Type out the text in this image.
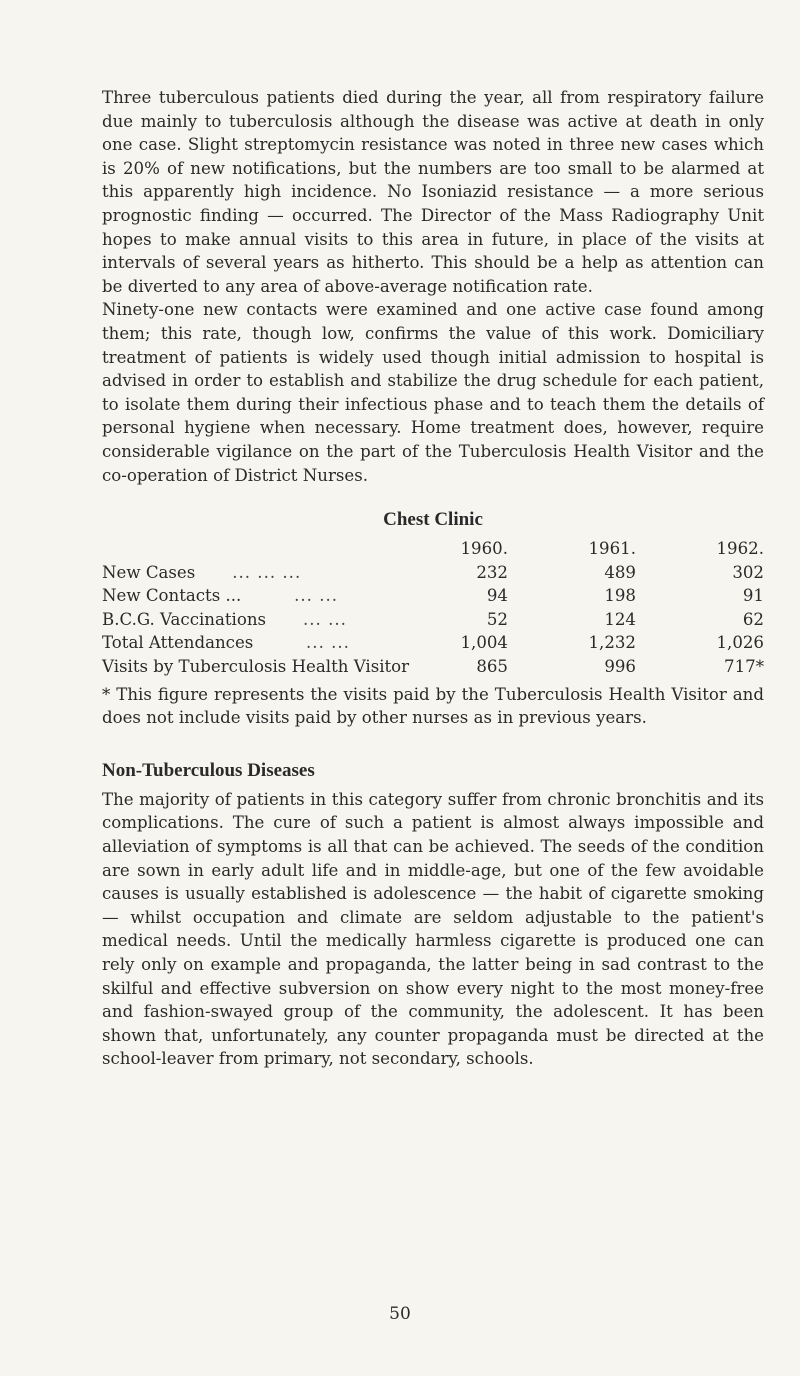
Three tuberculous patients died during the year, all from respiratory failure due mainly to tuberculosis although the disease was active at death in only one case. Slight streptomycin resistance was noted in three new cases which is 20% of new notifications, but the numbers are too small to be alarmed at this apparently high incidence. No Isoniazid resistance — a more serious prognostic finding — occurred. The Director of the Mass Radiography Unit hopes to make annual visits to this area in future, in place of the visits at intervals of several years as hitherto. This should be a help as attention can be diverted to any area of above-average notification rate.

Ninety-one new contacts were examined and one active case found among them; this rate, though low, confirms the value of this work. Domiciliary treatment of patients is widely used though initial admission to hospital is advised in order to establish and stabilize the drug schedule for each patient, to isolate them during their infectious phase and to teach them the details of personal hygiene when necessary. Home treatment does, however, require considerable vigilance on the part of the Tuberculosis Health Visitor and the co-operation of District Nurses.

Chest Clinic
	1960.	1961.	1962.
New Cases ... ... ...	232	489	302
New Contacts ... ... ...	94	198	91
B.C.G. Vaccinations ... ...	52	124	62
Total Attendances ... ...	1,004	1,232	1,026
Visits by Tuberculosis Health Visitor	865	996	717*

* This figure represents the visits paid by the Tuberculosis Health Visitor and does not include visits paid by other nurses as in previous years.

Non-Tuberculous Diseases

The majority of patients in this category suffer from chronic bronchitis and its complications. The cure of such a patient is almost always impossible and alleviation of symptoms is all that can be achieved. The seeds of the condition are sown in early adult life and in middle-age, but one of the few avoidable causes is usually established is adolescence — the habit of cigarette smoking — whilst occupation and climate are seldom adjustable to the patient's medical needs. Until the medically harmless cigarette is produced one can rely only on example and propaganda, the latter being in sad contrast to the skilful and effective subversion on show every night to the most money-free and fashion-swayed group of the community, the adolescent. It has been shown that, unfortunately, any counter propaganda must be directed at the school-leaver from primary, not secondary, schools.

50
